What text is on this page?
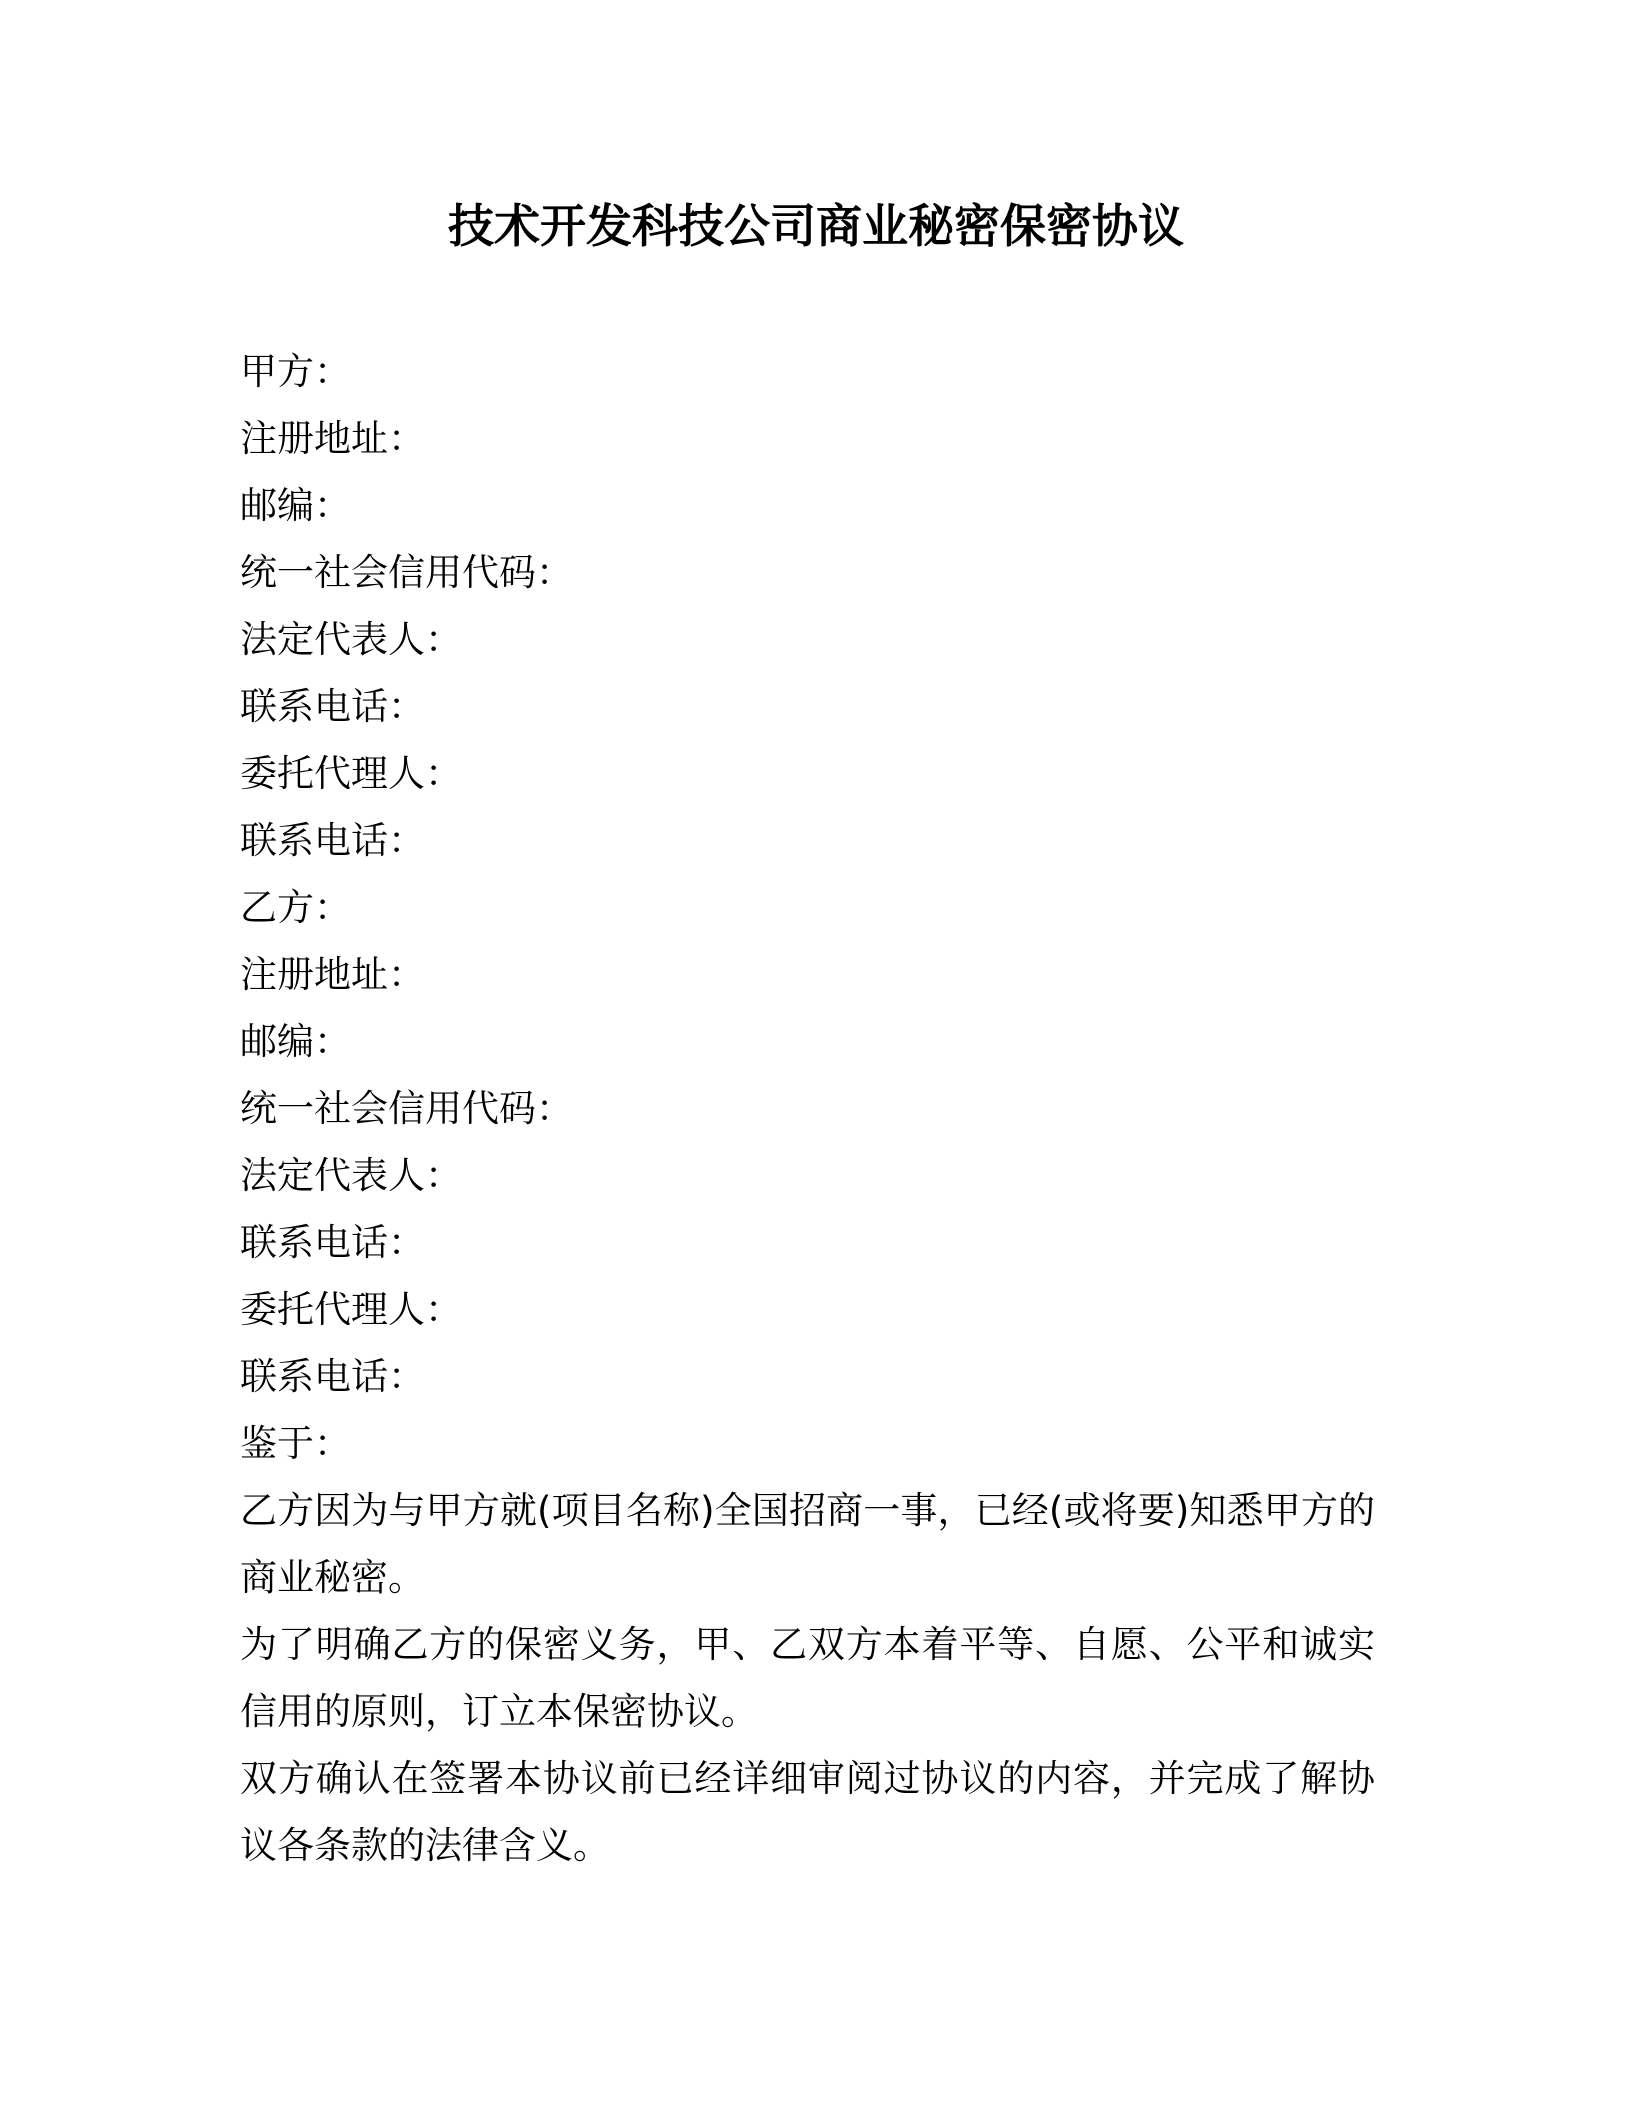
技术开发科技公司商业秘密保密协议

甲方：

注册地址：

邮编：

统一社会信用代码：

法定代表人：

联系电话：

委托代理人：

联系电话：

乙方：

注册地址：

邮编：

统一社会信用代码：

法定代表人：

联系电话：

委托代理人：

联系电话：

鉴于：

乙方因为与甲方就(项目名称)全国招商一事，已经(或将要)知悉甲方的商业秘密。

为了明确乙方的保密义务，甲、乙双方本着平等、自愿、公平和诚实信用的原则，订立本保密协议。

双方确认在签署本协议前已经详细审阅过协议的内容，并完成了解协议各条款的法律含义。
